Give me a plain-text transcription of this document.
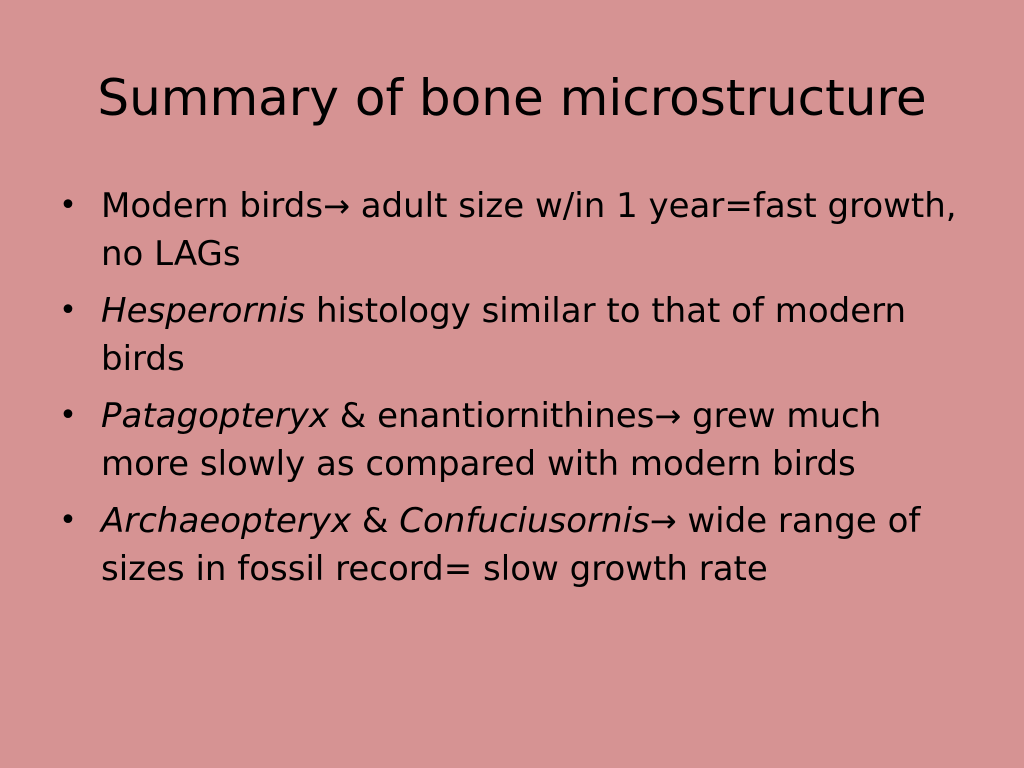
Summary of bone microstructure
• Modern birds→ adult size w/in 1 year=fast growth, no LAGs
• Hesperornis histology similar to that of modern birds
• Patagopteryx & enantiornithines→ grew much more slowly as compared with modern birds
• Archaeopteryx & Confuciusornis→ wide range of sizes in fossil record= slow growth rate
